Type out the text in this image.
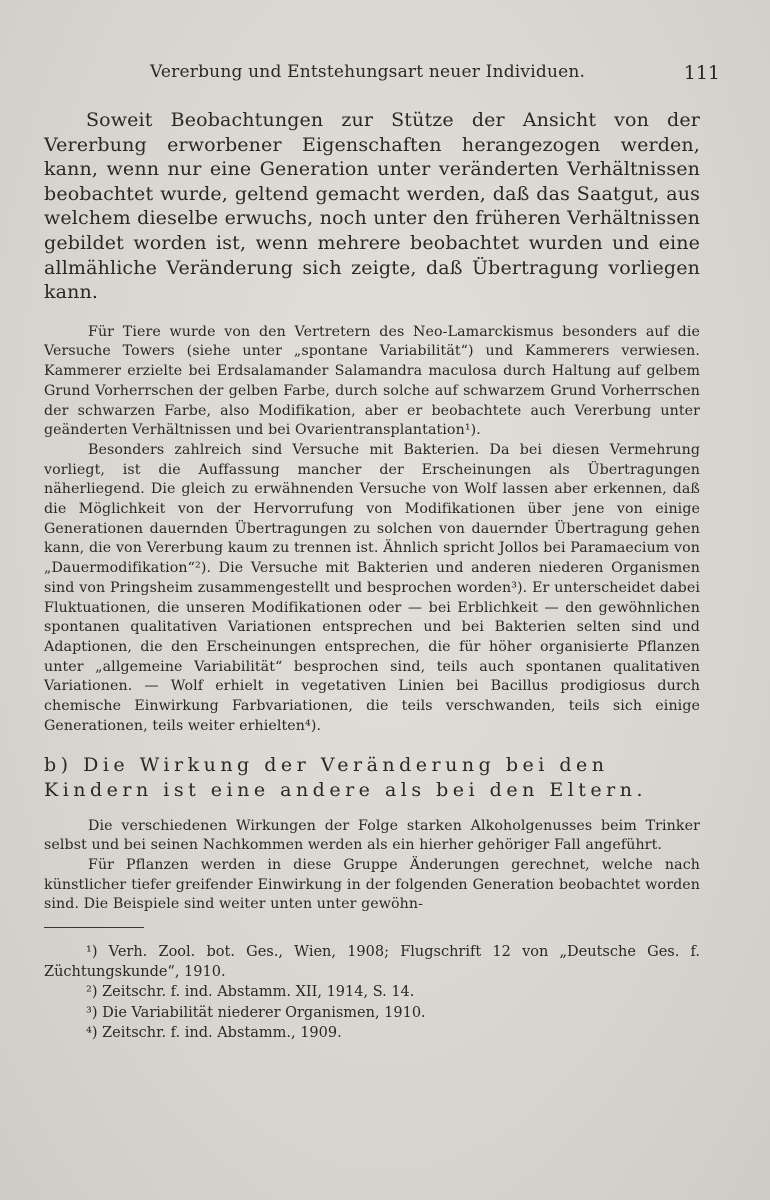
Vererbung und Entstehungsart neuer Individuen.	111

Soweit Beobachtungen zur Stütze der Ansicht von der Vererbung erworbener Eigenschaften herangezogen werden, kann, wenn nur eine Generation unter veränderten Verhältnissen beobachtet wurde, geltend gemacht werden, daß das Saatgut, aus welchem dieselbe erwuchs, noch unter den früheren Verhältnissen gebildet worden ist, wenn mehrere beobachtet wurden und eine allmähliche Veränderung sich zeigte, daß Übertragung vorliegen kann.

Für Tiere wurde von den Vertretern des Neo-Lamarckismus besonders auf die Versuche Towers (siehe unter „spontane Variabilität“) und Kammerers verwiesen. Kammerer erzielte bei Erdsalamander Salamandra maculosa durch Haltung auf gelbem Grund Vorherrschen der gelben Farbe, durch solche auf schwarzem Grund Vorherrschen der schwarzen Farbe, also Modifikation, aber er beobachtete auch Vererbung unter geänderten Verhältnissen und bei Ovarientransplantation¹).

Besonders zahlreich sind Versuche mit Bakterien. Da bei diesen Vermehrung vorliegt, ist die Auffassung mancher der Erscheinungen als Übertragungen näherliegend. Die gleich zu erwähnenden Versuche von Wolf lassen aber erkennen, daß die Möglichkeit von der Hervorrufung von Modifikationen über jene von einige Generationen dauernden Übertragungen zu solchen von dauernder Übertragung gehen kann, die von Vererbung kaum zu trennen ist. Ähnlich spricht Jollos bei Paramaecium von „Dauermodifikation“²). Die Versuche mit Bakterien und anderen niederen Organismen sind von Pringsheim zusammengestellt und besprochen worden³). Er unterscheidet dabei Fluktuationen, die unseren Modifikationen oder — bei Erblichkeit — den gewöhnlichen spontanen qualitativen Variationen entsprechen und bei Bakterien selten sind und Adaptionen, die den Erscheinungen entsprechen, die für höher organisierte Pflanzen unter „allgemeine Variabilität“ besprochen sind, teils auch spontanen qualitativen Variationen. — Wolf erhielt in vegetativen Linien bei Bacillus prodigiosus durch chemische Einwirkung Farbvariationen, die teils verschwanden, teils sich einige Generationen, teils weiter erhielten⁴).

b) Die Wirkung der Veränderung bei den Kindern ist eine andere als bei den Eltern.

Die verschiedenen Wirkungen der Folge starken Alkoholgenusses beim Trinker selbst und bei seinen Nachkommen werden als ein hierher gehöriger Fall angeführt.

Für Pflanzen werden in diese Gruppe Änderungen gerechnet, welche nach künstlicher tiefer greifender Einwirkung in der folgenden Generation beobachtet worden sind. Die Beispiele sind weiter unten unter gewöhn-

¹) Verh. Zool. bot. Ges., Wien, 1908; Flugschrift 12 von „Deutsche Ges. f. Züchtungskunde“, 1910.

²) Zeitschr. f. ind. Abstamm. XII, 1914, S. 14.

³) Die Variabilität niederer Organismen, 1910.

⁴) Zeitschr. f. ind. Abstamm., 1909.
